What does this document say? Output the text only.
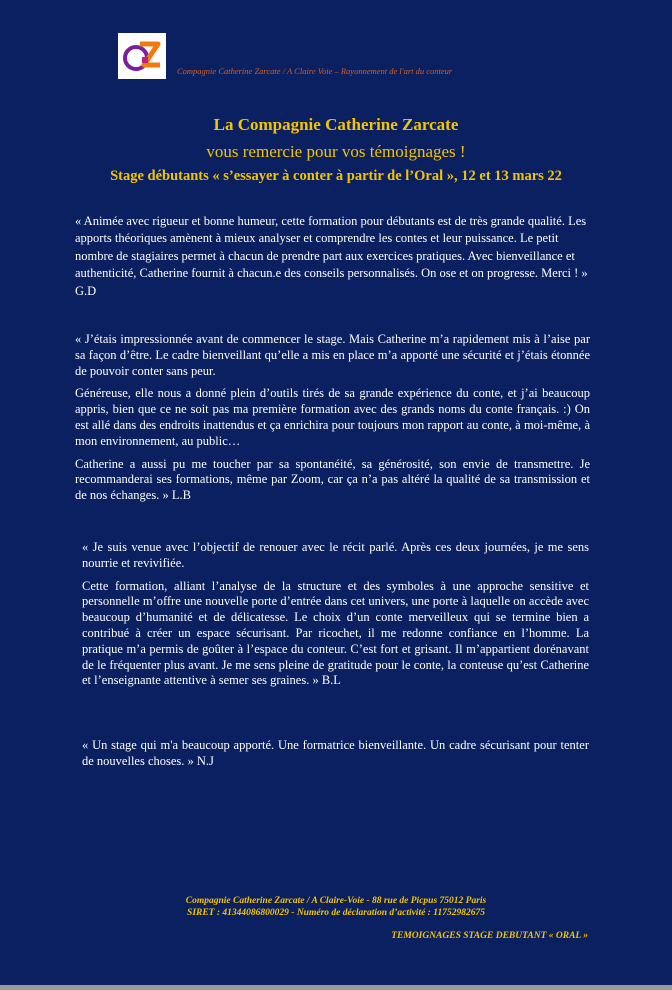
Compagnie Catherine Zarcate / A Claire Voie – Rayonnement de l'art du conteur
La Compagnie Catherine Zarcate
vous remercie pour vos témoignages !
Stage débutants « s’essayer à conter à partir de l’Oral », 12 et 13 mars 22
« Animée avec rigueur et bonne humeur, cette formation pour débutants est de très grande qualité. Les apports théoriques amènent à mieux analyser et comprendre les contes et leur puissance. Le petit nombre de stagiaires permet à chacun de prendre part aux exercices pratiques. Avec bienveillance et authenticité, Catherine fournit à chacun.e des conseils personnalisés. On ose et on progresse. Merci ! » G.D

« J’étais impressionnée avant de commencer le stage. Mais Catherine m’a rapidement mis à l’aise par sa façon d’être. Le cadre bienveillant qu’elle a mis en place m’a apporté une sécurité et j’étais étonnée de pouvoir conter sans peur.

Généreuse, elle nous a donné plein d’outils tirés de sa grande expérience du conte, et j’ai beaucoup appris, bien que ce ne soit pas ma première formation avec des grands noms du conte français. :) On est allé dans des endroits inattendus et ça enrichira pour toujours mon rapport au conte, à moi-même, à mon environnement, au public…

Catherine a aussi pu me toucher par sa spontanéité, sa générosité, son envie de transmettre. Je recommanderai ses formations, même par Zoom, car ça n’a pas altéré la qualité de sa transmission et de nos échanges. » L.B

« Je suis venue avec l’objectif de renouer avec le récit parlé. Après ces deux journées, je me sens nourrie et revivifiée.

Cette formation, alliant l’analyse de la structure et des symboles à une approche sensitive et personnelle m’offre une nouvelle porte d’entrée dans cet univers, une porte à laquelle on accède avec beaucoup d’humanité et de délicatesse. Le choix d’un conte merveilleux qui se termine bien a contribué à créer un espace sécurisant. Par ricochet, il me redonne confiance en l’homme. La pratique m’a permis de goûter à l’espace du conteur. C’est fort et grisant. Il m’appartient dorénavant de le fréquenter plus avant. Je me sens pleine de gratitude pour le conte, la conteuse qu’est Catherine et l’enseignante attentive à semer ses graines. » B.L

« Un stage qui m'a beaucoup apporté. Une formatrice bienveillante. Un cadre sécurisant pour tenter de nouvelles choses. » N.J

Compagnie Catherine Zarcate / A Claire-Voie - 88 rue de Picpus 75012 Paris
SIRET : 41344086800029 - Numéro de déclaration d’activité : 11752982675
TEMOIGNAGES STAGE DEBUTANT « ORAL »
